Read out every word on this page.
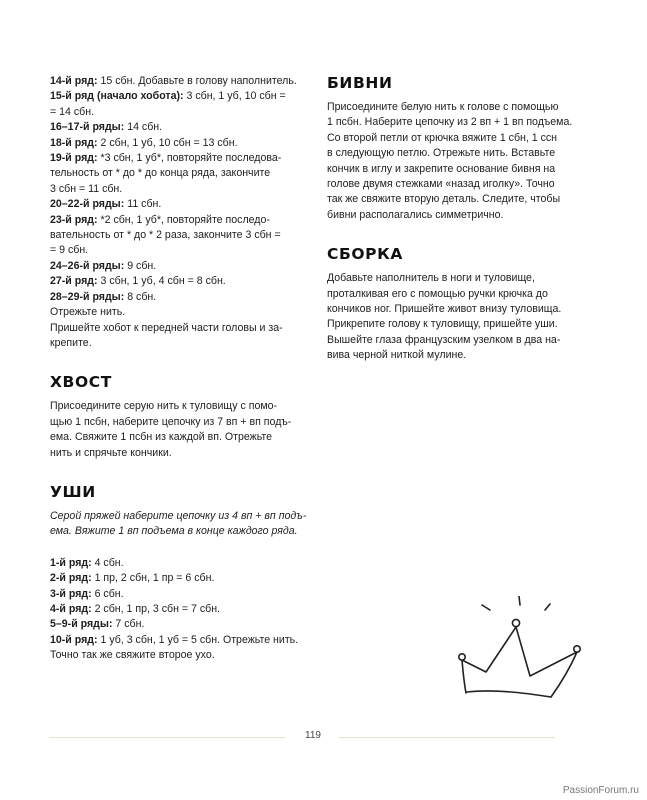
14-й ряд: 15 сбн. Добавьте в голову наполнитель.
15-й ряд (начало хобота): 3 сбн, 1 уб, 10 сбн =
= 14 сбн.
16–17-й ряды: 14 сбн.
18-й ряд: 2 сбн, 1 уб, 10 сбн = 13 сбн.
19-й ряд: *3 сбн, 1 уб*, повторяйте последова-
тельность от * до * до конца ряда, закончите
3 сбн = 11 сбн.
20–22-й ряды: 11 сбн.
23-й ряд: *2 сбн, 1 уб*, повторяйте последо-
вательность от * до * 2 раза, закончите 3 сбн =
= 9 сбн.
24–26-й ряды: 9 сбн.
27-й ряд: 3 сбн, 1 уб, 4 сбн = 8 сбн.
28–29-й ряды: 8 сбн.
Отрежьте нить.
Пришейте хобот к передней части головы и за-
крепите.
ХВОСТ
Присоедините серую нить к туловищу с помо-
щью 1 псбн, наберите цепочку из 7 вп + вп подъ-
ема. Свяжите 1 псбн из каждой вп. Отрежьте
нить и спрячьте кончики.
УШИ
Серой пряжей наберите цепочку из 4 вп + вп подъ-
ема. Вяжите 1 вп подъема в конце каждого ряда.
1-й ряд: 4 сбн.
2-й ряд: 1 пр, 2 сбн, 1 пр = 6 сбн.
3-й ряд: 6 сбн.
4-й ряд: 2 сбн, 1 пр, 3 сбн = 7 сбн.
5–9-й ряды: 7 сбн.
10-й ряд: 1 уб, 3 сбн, 1 уб = 5 сбн. Отрежьте нить.
Точно так же свяжите второе ухо.
БИВНИ
Присоедините белую нить к голове с помощью
1 псбн. Наберите цепочку из 2 вп + 1 вп подъема.
Со второй петли от крючка вяжите 1 сбн, 1 ссн
в следующую петлю. Отрежьте нить. Вставьте
кончик в иглу и закрепите основание бивня на
голове двумя стежками «назад иголку». Точно
так же свяжите вторую деталь. Следите, чтобы
бивни располагались симметрично.
СБОРКА
Добавьте наполнитель в ноги и туловище,
проталкивая его с помощью ручки крючка до
кончиков ног. Пришейте живот внизу туловища.
Прикрепите голову к туловищу, пришейте уши.
Вышейте глаза французским узелком в два на-
вива черной ниткой мулине.
119
PassionForum.ru
